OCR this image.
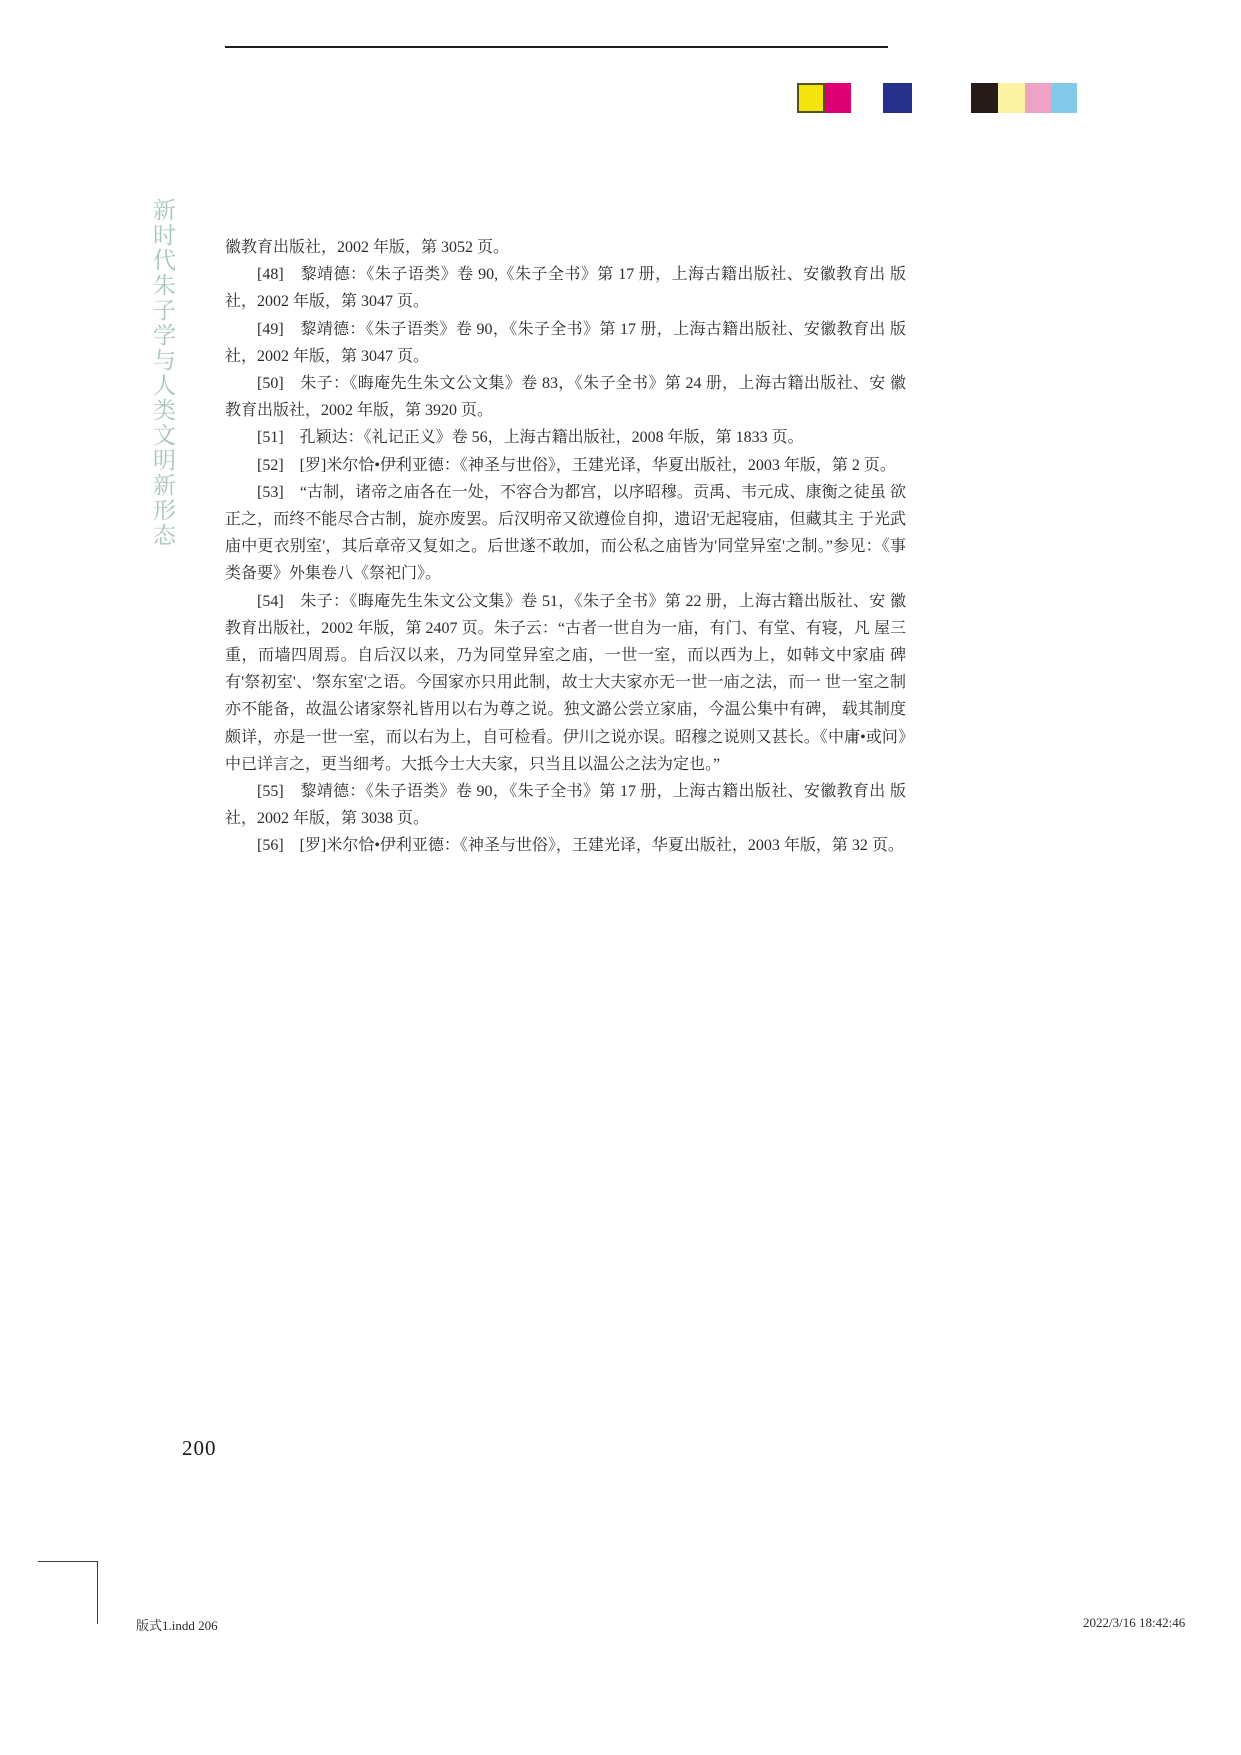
新时代朱子学与人类文明新形态	徽教育出版社，2002 年版，第 3052 页。

[48]　黎靖德：《朱子语类》卷 90,《朱子全书》第 17 册，上海古籍出版社、安徽教育出 版社，2002 年版，第 3047 页。

[49]　黎靖德：《朱子语类》卷 90，《朱子全书》第 17 册，上海古籍出版社、安徽教育出 版社，2002 年版，第 3047 页。

[50]　朱子：《晦庵先生朱文公文集》卷 83，《朱子全书》第 24 册，上海古籍出版社、安 徽教育出版社，2002 年版，第 3920 页。

[51]　孔颖达：《礼记正义》卷 56，上海古籍出版社，2008 年版，第 1833 页。

[52]　[罗]米尔恰•伊利亚德：《神圣与世俗》，王建光译，华夏出版社，2003 年版，第 2 页。

[53]　“古制，诸帝之庙各在一处，不容合为都宫，以序昭穆。贡禹、韦元成、康衡之徒虽 欲正之，而终不能尽合古制，旋亦废罢。后汉明帝又欲遵俭自抑，遗诏'无起寝庙，但藏其主 于光武庙中更衣别室'，其后章帝又复如之。后世遂不敢加，而公私之庙皆为'同堂异室'之制。”参见：《事类备要》外集卷八《祭祀门》。

[54]　朱子：《晦庵先生朱文公文集》卷 51，《朱子全书》第 22 册，上海古籍出版社、安 徽教育出版社，2002 年版，第 2407 页。朱子云：“古者一世自为一庙，有门、有堂、有寝，凡 屋三重，而墙四周焉。自后汉以来，乃为同堂异室之庙，一世一室，而以西为上，如韩文中家庙 碑有'祭初室'、'祭东室'之语。今国家亦只用此制，故士大夫家亦无一世一庙之法，而一 世一室之制亦不能备，故温公诸家祭礼皆用以右为尊之说。独文潞公尝立家庙，今温公集中有碑， 载其制度颇详，亦是一世一室，而以右为上，自可检看。伊川之说亦误。昭穆之说则又甚长。《中庸•或问》中已详言之，更当细考。大抵今士大夫家，只当且以温公之法为定也。”

[55]　黎靖德：《朱子语类》卷 90，《朱子全书》第 17 册，上海古籍出版社、安徽教育出 版社，2002 年版，第 3038 页。

[56]　[罗]米尔恰•伊利亚德：《神圣与世俗》，王建光译，华夏出版社，2003 年版，第 32 页。

200
版式1.indd 206	2022/3/16 18:42:46
